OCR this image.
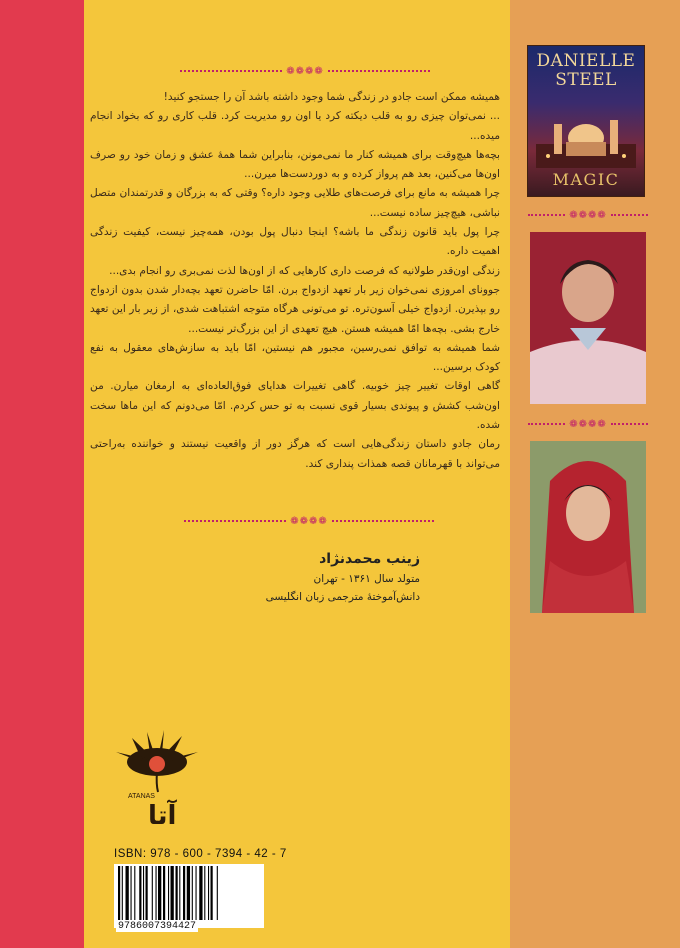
❁❁❁❁

همیشه ممکن است جادو در زندگی شما وجود داشته باشد آن را جستجو کنید!

... نمی‌توان چیزی رو به قلب دیکته کرد یا اون رو مدیریت کرد. قلب کاری رو که بخواد انجام میده...

بچه‌ها هیچ‌وقت برای همیشه کنار ما نمی‌مونن، بنابراین شما همهٔ عشق و زمان خود رو صرف اون‌ها می‌کنین، بعد هم پرواز کرده و به دوردست‌ها میرن...

چرا همیشه به مانع برای فرصت‌های طلایی وجود داره؟ وقتی که به بزرگان و قدرتمندان متصل نباشی، هیچ‌چیز ساده نیست...

چرا پول باید قانون زندگی ما باشه؟ اینجا دنبال پول بودن، همه‌چیز نیست، کیفیت زندگی اهمیت داره.

زندگی اون‌قدر طولانیه که فرصت داری کارهایی که از اون‌ها لذت نمی‌بری رو انجام بدی...

جوونای امروزی نمی‌خوان زیر بار تعهد ازدواج برن. امّا حاضرن تعهد بچه‌دار شدن بدون ازدواج رو بپذیرن. ازدواج خیلی آسون‌تره. تو می‌تونی هرگاه متوجه اشتباهت شدی، از زیر بار این تعهد خارج بشی. بچه‌ها امّا همیشه هستن. هیچ تعهدی از این بزرگ‌تر نیست...

شما همیشه به توافق نمی‌رسین، مجبور هم نیستین، امّا باید به سازش‌های معقول به نفع کودک برسین...

گاهی اوقات تغییر چیز خوبیه. گاهی تغییرات هدایای فوق‌العاده‌ای به ارمغان میارن. من اون‌شب کشش و پیوندی بسیار قوی نسبت به تو حس کردم. امّا می‌دونم که این ماها سخت شده.

رمان جادو داستان زندگی‌هایی است که هرگز دور از واقعیت نیستند و خواننده به‌راحتی می‌تواند با قهرمانان قصه همذات پنداری کند.

❁❁❁❁
زینب محمدنژاد
متولد سال ۱۳۶۱ - تهران
دانش‌آموختهٔ مترجمی زبان انگلیسی
ATANAS
آتا
ISBN: 978 - 600 - 7394 - 42 - 7
9786007394427
❁❁❁❁
❁❁❁❁
DANIELLE
STEEL
MAGIC
